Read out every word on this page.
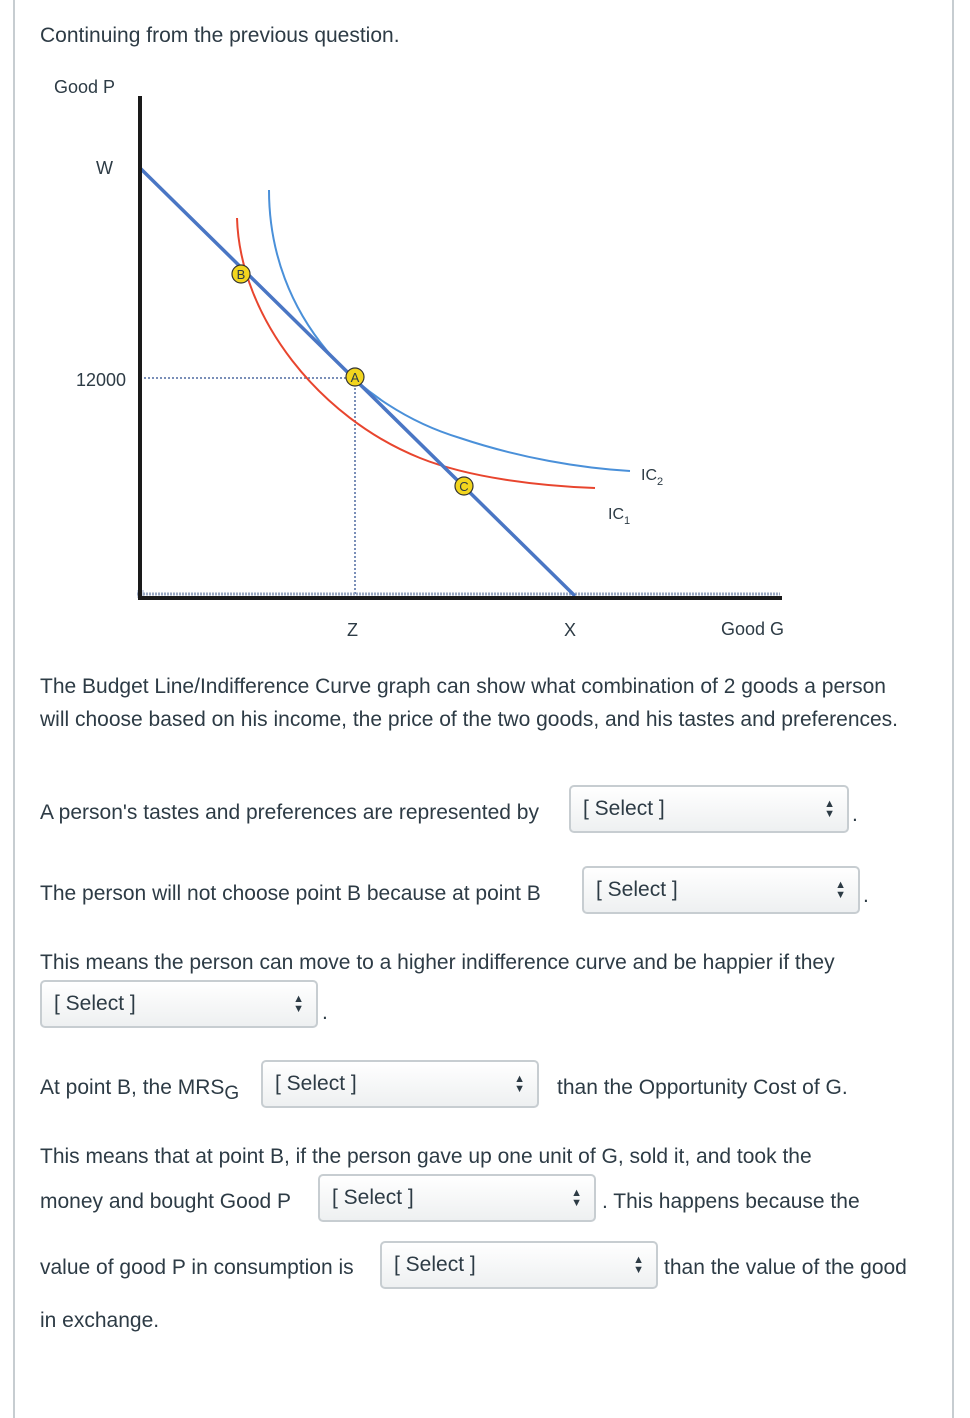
Continuing from the previous question.
Good P
W
12000
Z	X	Good G
B
A
C
$IC_2$
$IC_1$
The Budget Line/Indifference Curve graph can show what combination of 2 goods a person will choose based on his income, the price of the two goods, and his tastes and preferences.
A person's tastes and preferences are represented by [ Select ]	▲
▼ .
The person will not choose point B because at point B	[ Select ]	▲
▼ .
This means the person can move to a higher indifference curve and be happier if they
[ Select ]	▲
▼ .
At point B, the $MRS_G$ [ Select ]	▲
▼ than the Opportunity Cost of G.
This means that at point B, if the person gave up one unit of G, sold it, and took the
money and bought Good P [ Select ]	▲
▼ . This happens because the
value of good P in consumption is [ Select ]	▲
▼ than the value of the good
in exchange.
